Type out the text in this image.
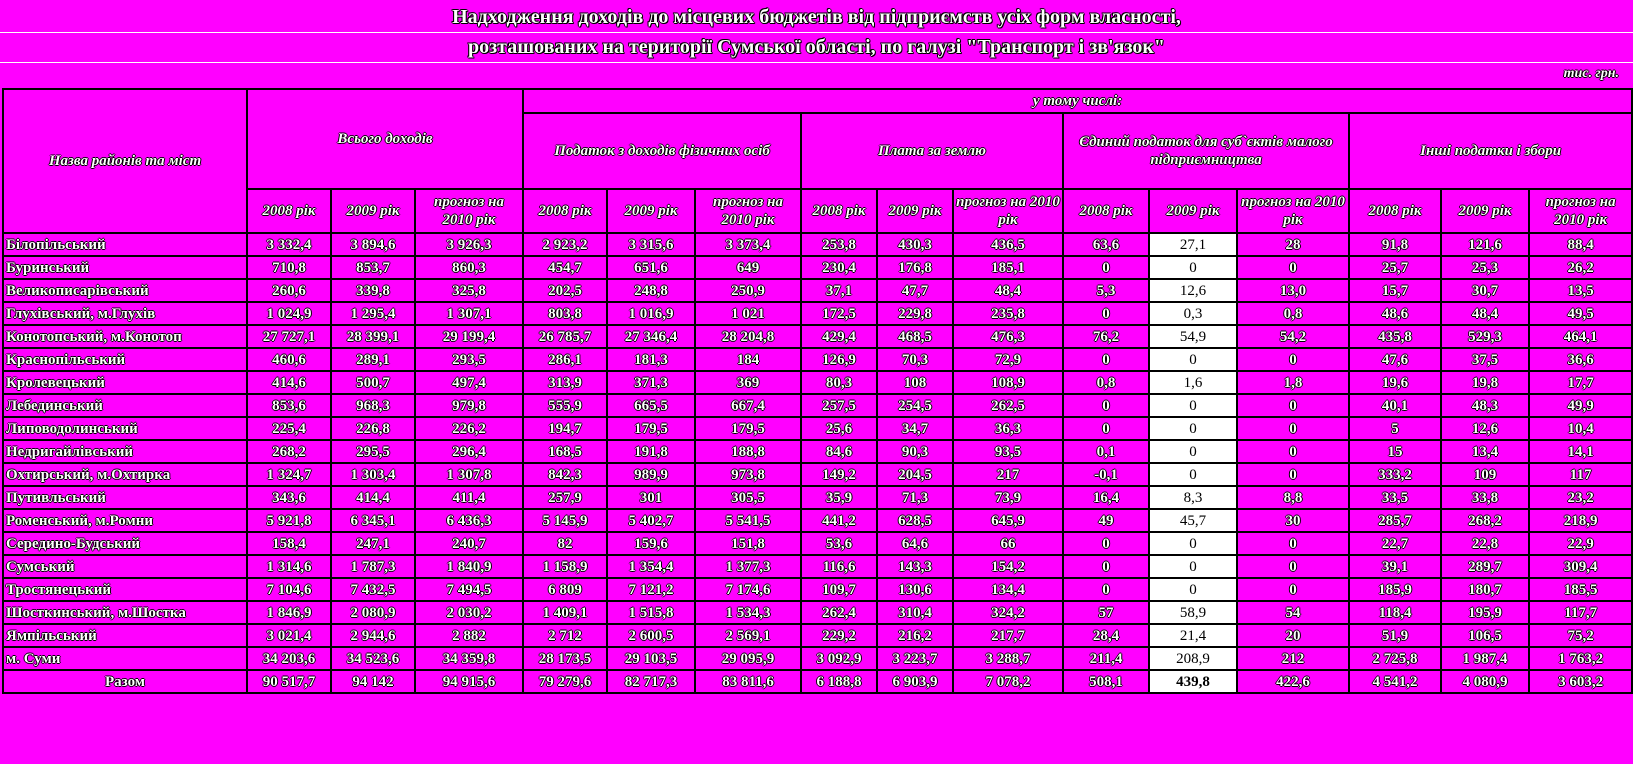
Надходження доходів до місцевих бюджетів від підприємств усіх форм власності,
розташованих на території Сумської області, по галузі "Транспорт і зв'язок"
тис. грн.
Назва районів та міст	Всього доходів			у тому числі:											
				Податок з доходів фізичних осіб			Плата за землю			Єдиний податок для суб`єктів малого підприємництва			Інші податки і збори		
	2008 рік	2009 рік	прогноз на 2010 рік	2008 рік	2009 рік	прогноз на 2010 рік	2008 рік	2009 рік	прогноз на 2010 рік	2008 рік	2009 рік	прогноз на 2010 рік	2008 рік	2009 рік	прогноз на 2010 рік
Білопільський	3 332,4	3 894,6	3 926,3	2 923,2	3 315,6	3 373,4	253,8	430,3	436,5	63,6	27,1	28	91,8	121,6	88,4
Буринський	710,8	853,7	860,3	454,7	651,6	649	230,4	176,8	185,1	0	0	0	25,7	25,3	26,2
Великописарівський	260,6	339,8	325,8	202,5	248,8	250,9	37,1	47,7	48,4	5,3	12,6	13,0	15,7	30,7	13,5
Глухівський, м.Глухів	1 024,9	1 295,4	1 307,1	803,8	1 016,9	1 021	172,5	229,8	235,8	0	0,3	0,8	48,6	48,4	49,5
Конотопський, м.Конотоп	27 727,1	28 399,1	29 199,4	26 785,7	27 346,4	28 204,8	429,4	468,5	476,3	76,2	54,9	54,2	435,8	529,3	464,1
Краснопільський	460,6	289,1	293,5	286,1	181,3	184	126,9	70,3	72,9	0	0	0	47,6	37,5	36,6
Кролевецький	414,6	500,7	497,4	313,9	371,3	369	80,3	108	108,9	0,8	1,6	1,8	19,6	19,8	17,7
Лебединський	853,6	968,3	979,8	555,9	665,5	667,4	257,5	254,5	262,5	0	0	0	40,1	48,3	49,9
Липоводолинський	225,4	226,8	226,2	194,7	179,5	179,5	25,6	34,7	36,3	0	0	0	5	12,6	10,4
Недригайлівський	268,2	295,5	296,4	168,5	191,8	188,8	84,6	90,3	93,5	0,1	0	0	15	13,4	14,1
Охтирський, м.Охтирка	1 324,7	1 303,4	1 307,8	842,3	989,9	973,8	149,2	204,5	217	-0,1	0	0	333,2	109	117
Путивльський	343,6	414,4	411,4	257,9	301	305,5	35,9	71,3	73,9	16,4	8,3	8,8	33,5	33,8	23,2
Роменський, м.Ромни	5 921,8	6 345,1	6 436,3	5 145,9	5 402,7	5 541,5	441,2	628,5	645,9	49	45,7	30	285,7	268,2	218,9
Середино-Будський	158,4	247,1	240,7	82	159,6	151,8	53,6	64,6	66	0	0	0	22,7	22,8	22,9
Сумський	1 314,6	1 787,3	1 840,9	1 158,9	1 354,4	1 377,3	116,6	143,3	154,2	0	0	0	39,1	289,7	309,4
Тростянецький	7 104,6	7 432,5	7 494,5	6 809	7 121,2	7 174,6	109,7	130,6	134,4	0	0	0	185,9	180,7	185,5
Шосткинський, м.Шостка	1 846,9	2 080,9	2 030,2	1 409,1	1 515,8	1 534,3	262,4	310,4	324,2	57	58,9	54	118,4	195,9	117,7
Ямпільський	3 021,4	2 944,6	2 882	2 712	2 600,5	2 569,1	229,2	216,2	217,7	28,4	21,4	20	51,9	106,5	75,2
м. Суми	34 203,6	34 523,6	34 359,8	28 173,5	29 103,5	29 095,9	3 092,9	3 223,7	3 288,7	211,4	208,9	212	2 725,8	1 987,4	1 763,2
Разом	90 517,7	94 142	94 915,6	79 279,6	82 717,3	83 811,6	6 188,8	6 903,9	7 078,2	508,1	439,8	422,6	4 541,2	4 080,9	3 603,2
